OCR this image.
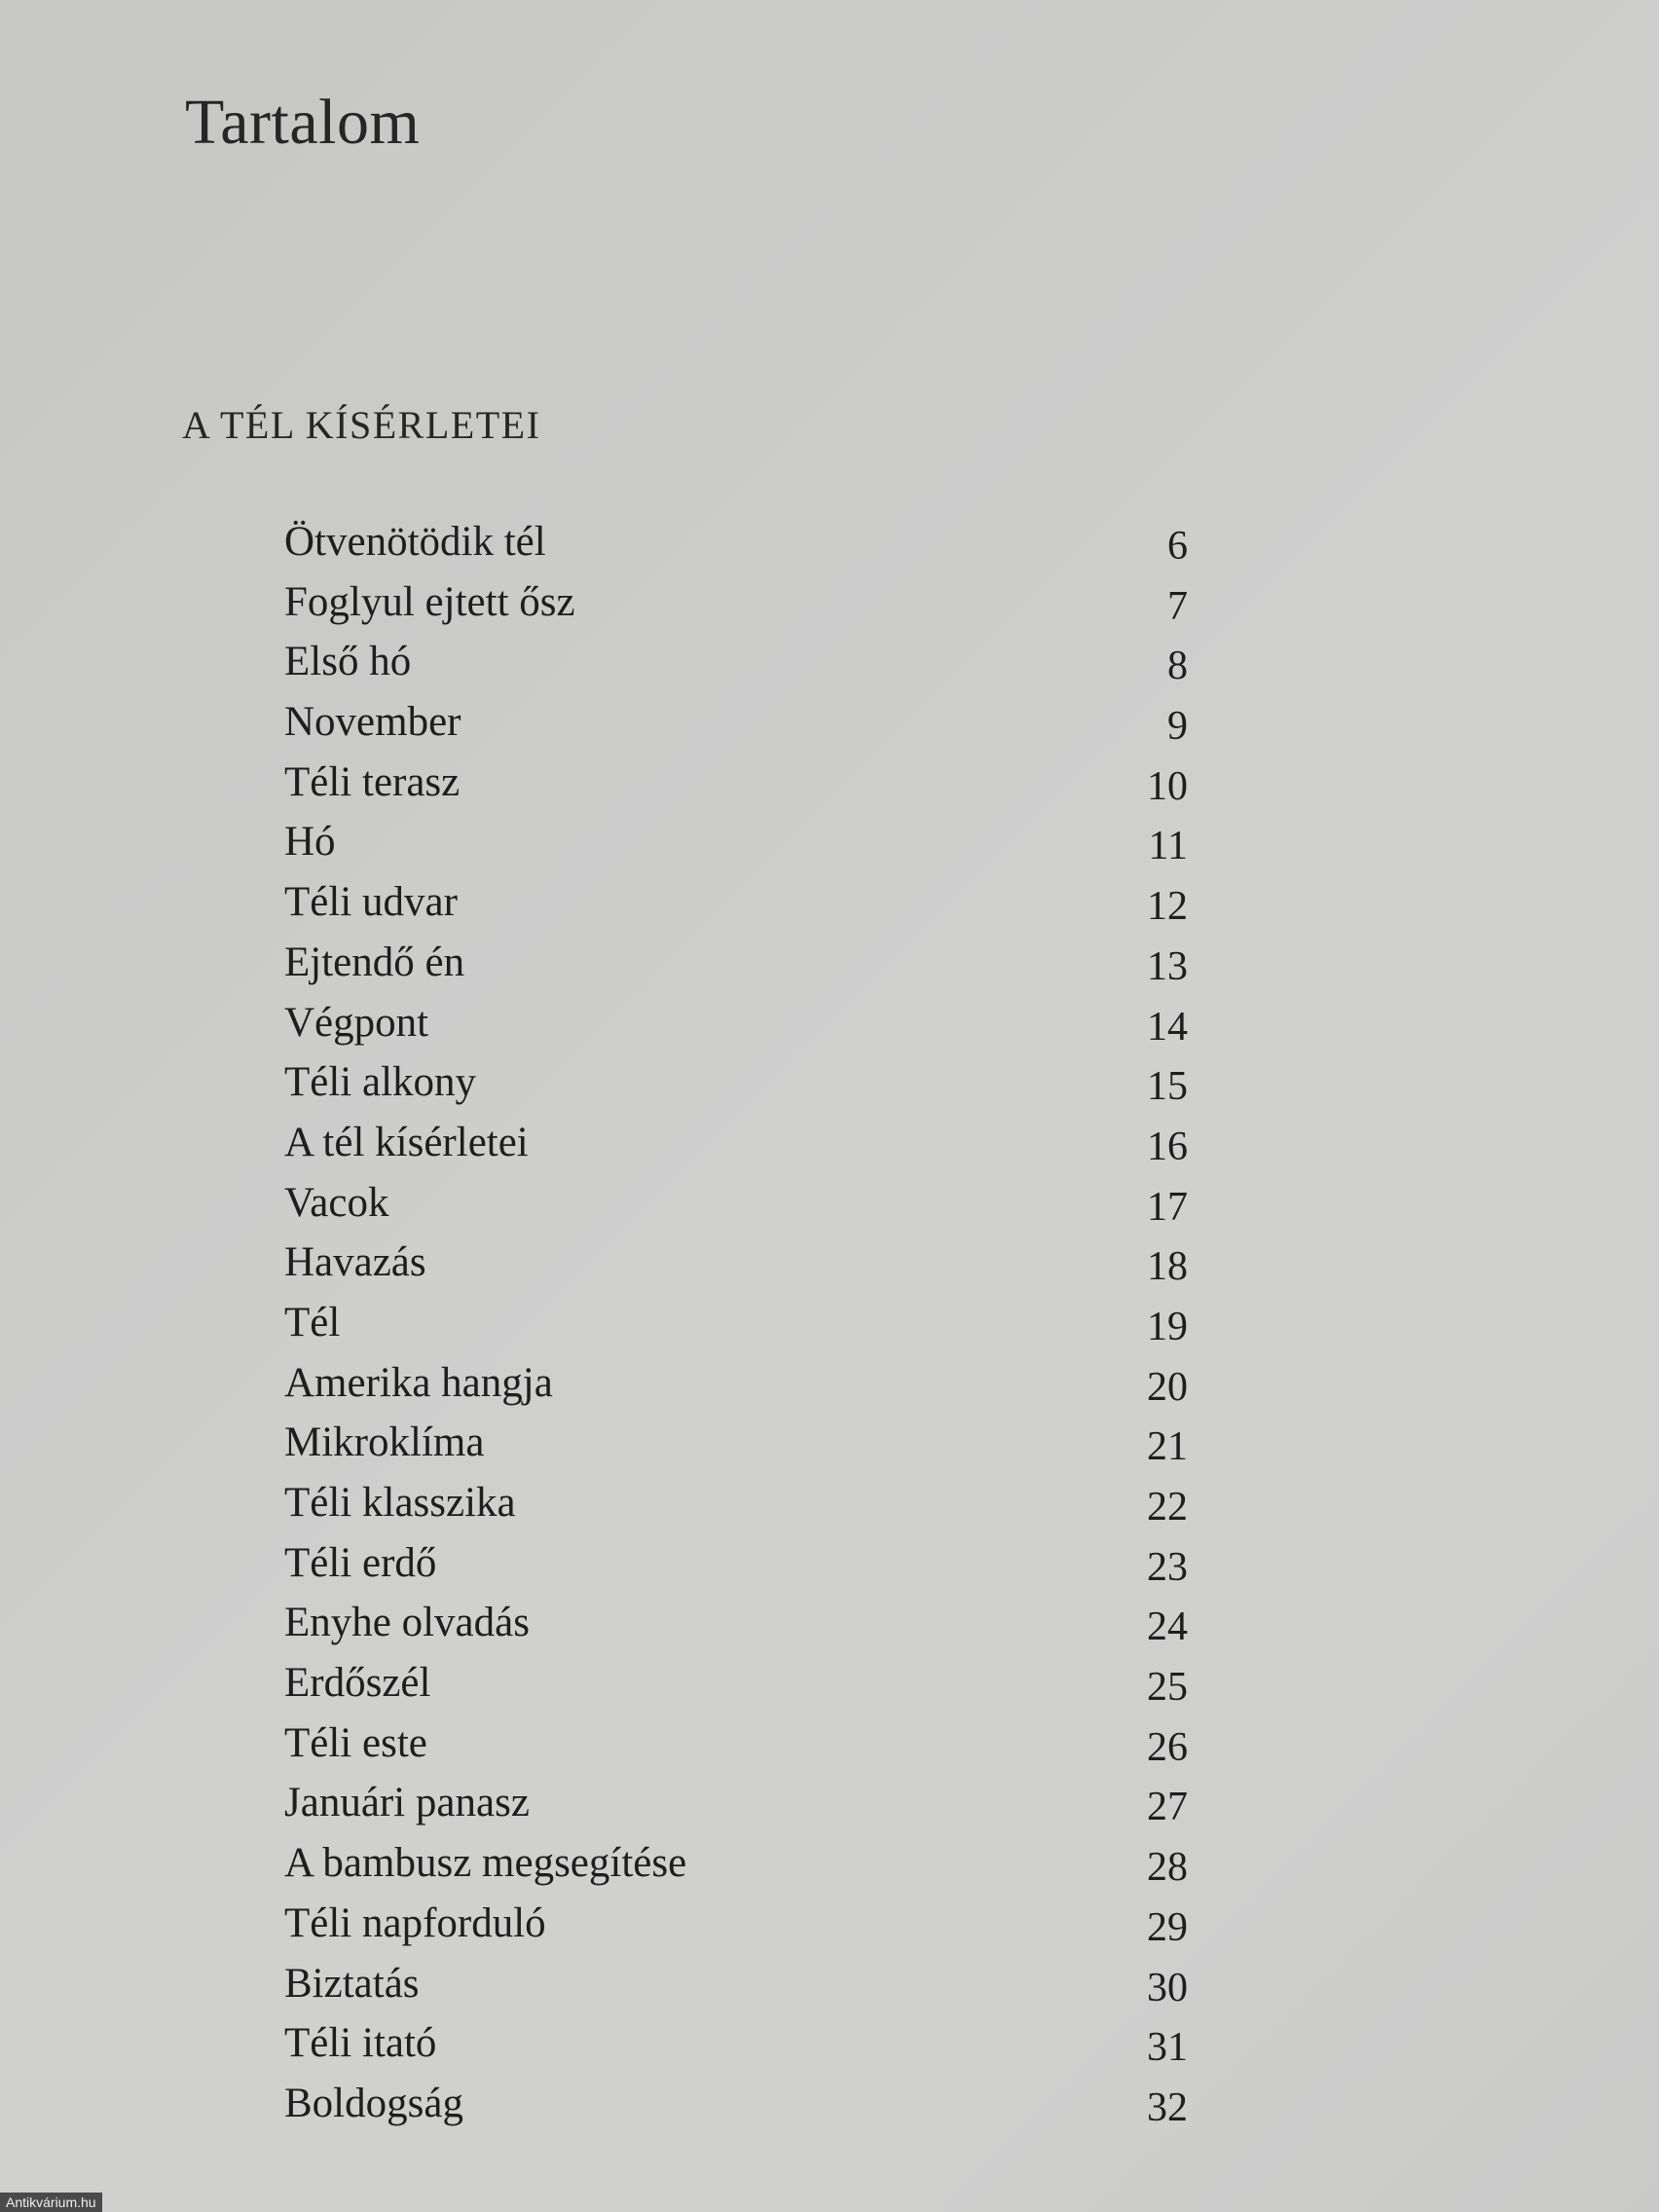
Tartalom
A TÉL KÍSÉRLETEI
Ötvenötödik tél	6
Foglyul ejtett ősz	7
Első hó	8
November	9
Téli terasz	10
Hó	11
Téli udvar	12
Ejtendő én	13
Végpont	14
Téli alkony	15
A tél kísérletei	16
Vacok	17
Havazás	18
Tél	19
Amerika hangja	20
Mikroklíma	21
Téli klasszika	22
Téli erdő	23
Enyhe olvadás	24
Erdőszél	25
Téli este	26
Januári panasz	27
A bambusz megsegítése	28
Téli napforduló	29
Biztatás	30
Téli itató	31
Boldogság	32
Antikvárium.hu
